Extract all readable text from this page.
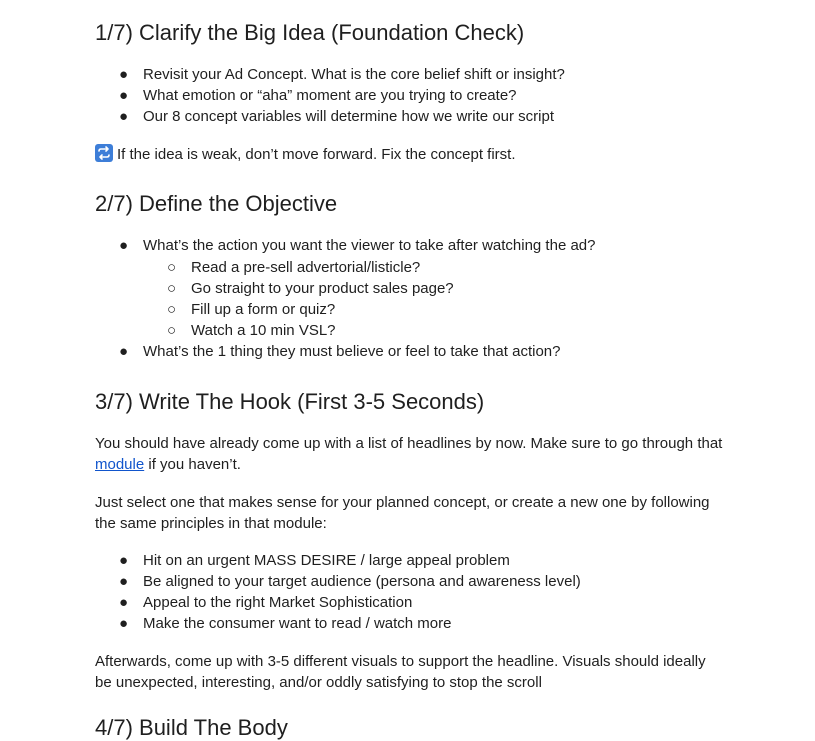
1/7) Clarify the Big Idea (Foundation Check)
● Revisit your Ad Concept. What is the core belief shift or insight?
● What emotion or “aha” moment are you trying to create?
● Our 8 concept variables will determine how we write our script
If the idea is weak, don’t move forward. Fix the concept first.
2/7) Define the Objective
● What’s the action you want the viewer to take after watching the ad?
○ Read a pre-sell advertorial/listicle?
○ Go straight to your product sales page?
○ Fill up a form or quiz?
○ Watch a 10 min VSL?
● What’s the 1 thing they must believe or feel to take that action?
3/7) Write The Hook (First 3-5 Seconds)
You should have already come up with a list of headlines by now. Make sure to go through that module if you haven’t.
Just select one that makes sense for your planned concept, or create a new one by following the same principles in that module:
● Hit on an urgent MASS DESIRE / large appeal problem
● Be aligned to your target audience (persona and awareness level)
● Appeal to the right Market Sophistication
● Make the consumer want to read / watch more
Afterwards, come up with 3-5 different visuals to support the headline. Visuals should ideally be unexpected, interesting, and/or oddly satisfying to stop the scroll
4/7) Build The Body
